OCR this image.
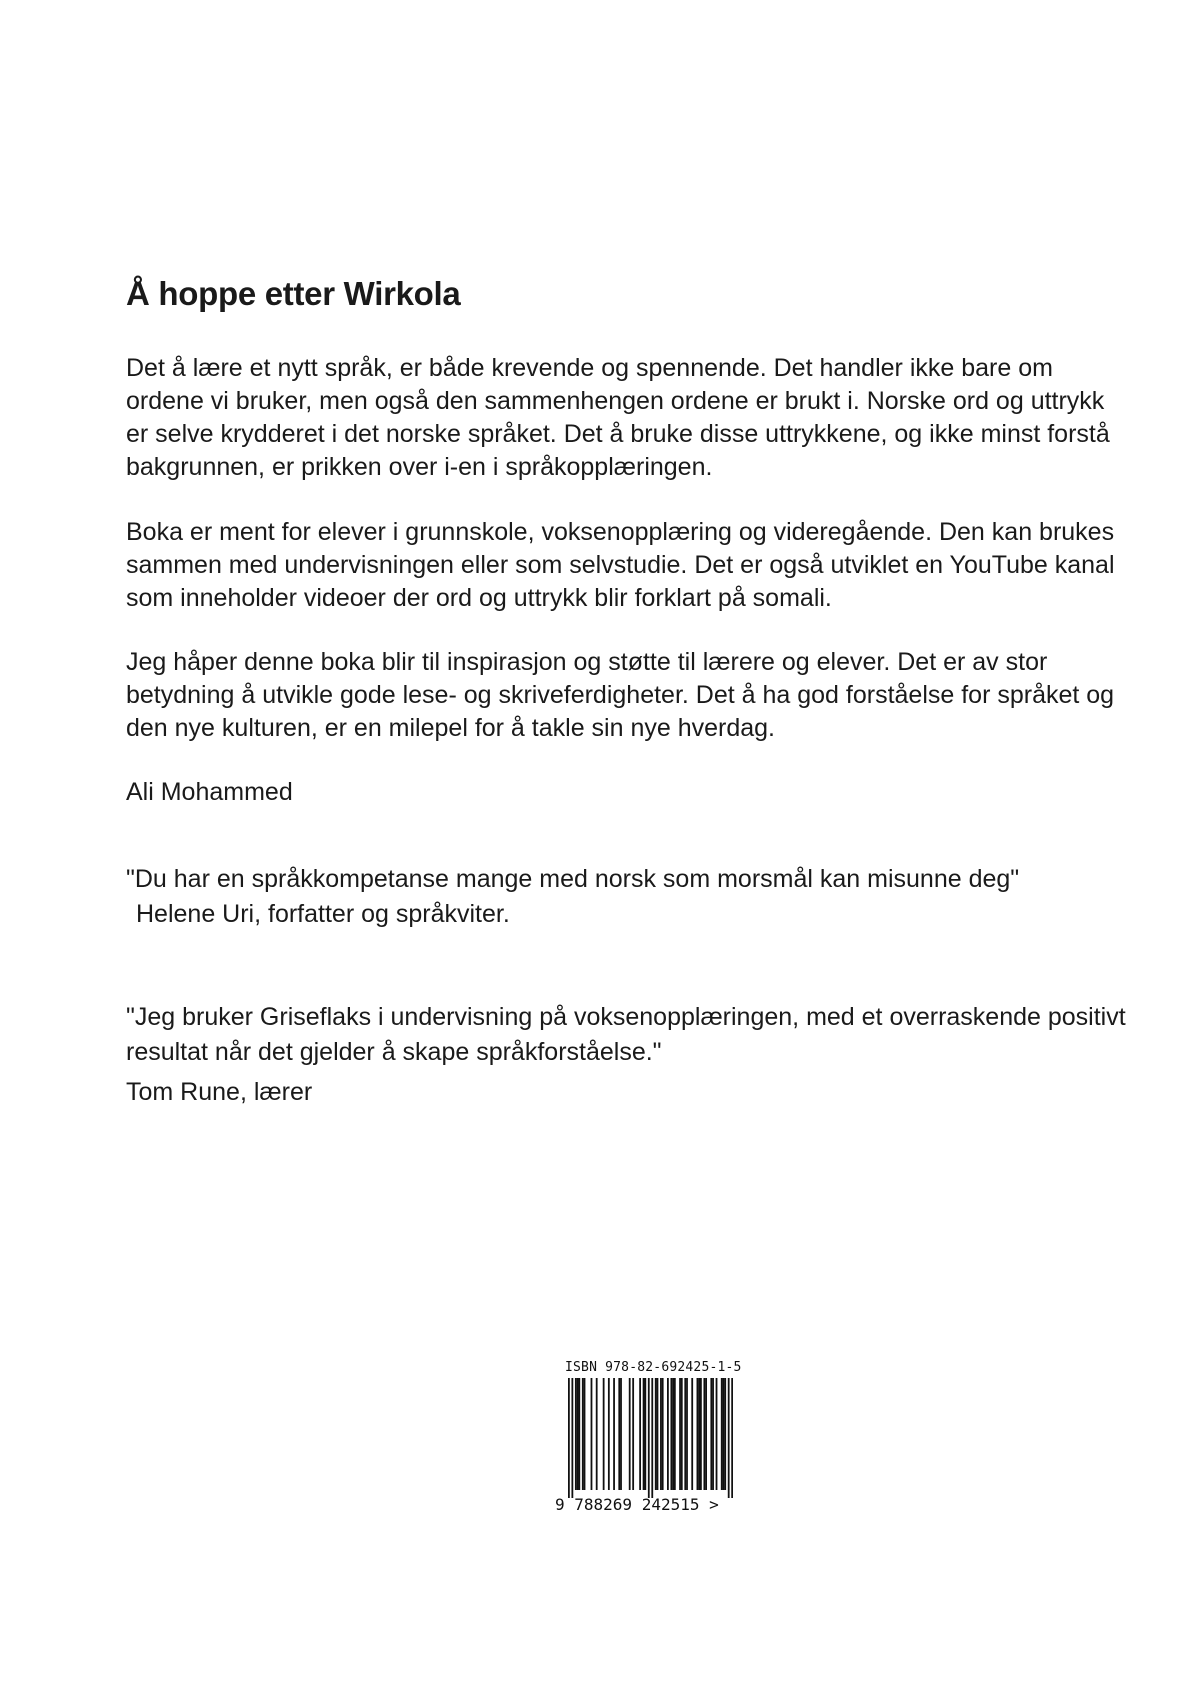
Å hoppe etter Wirkola

Det å lære et nytt språk, er både krevende og spennende. Det handler ikke bare om
ordene vi bruker, men også den sammenhengen ordene er brukt i. Norske ord og uttrykk
er selve krydderet i det norske språket. Det å bruke disse uttrykkene, og ikke minst forstå
bakgrunnen, er prikken over i-en i språkopplæringen.

Boka er ment for elever i grunnskole, voksenopplæring og videregående. Den kan brukes
sammen med undervisningen eller som selvstudie. Det er også utviklet en YouTube kanal
som inneholder videoer der ord og uttrykk blir forklart på somali.

Jeg håper denne boka blir til inspirasjon og støtte til lærere og elever. Det er av stor
betydning å utvikle gode lese- og skriveferdigheter. Det å ha god forståelse for språket og
den nye kulturen, er en milepel for å takle sin nye hverdag.

Ali Mohammed

"Du har en språkkompetanse mange med norsk som morsmål kan misunne deg"

Helene Uri, forfatter og språkviter.

"Jeg bruker Griseflaks i undervisning på voksenopplæringen, med et overraskende positivt
resultat når det gjelder å skape språkforståelse."

Tom Rune, lærer

ISBN 978-82-692425-1-5
9 788269 242515 >
